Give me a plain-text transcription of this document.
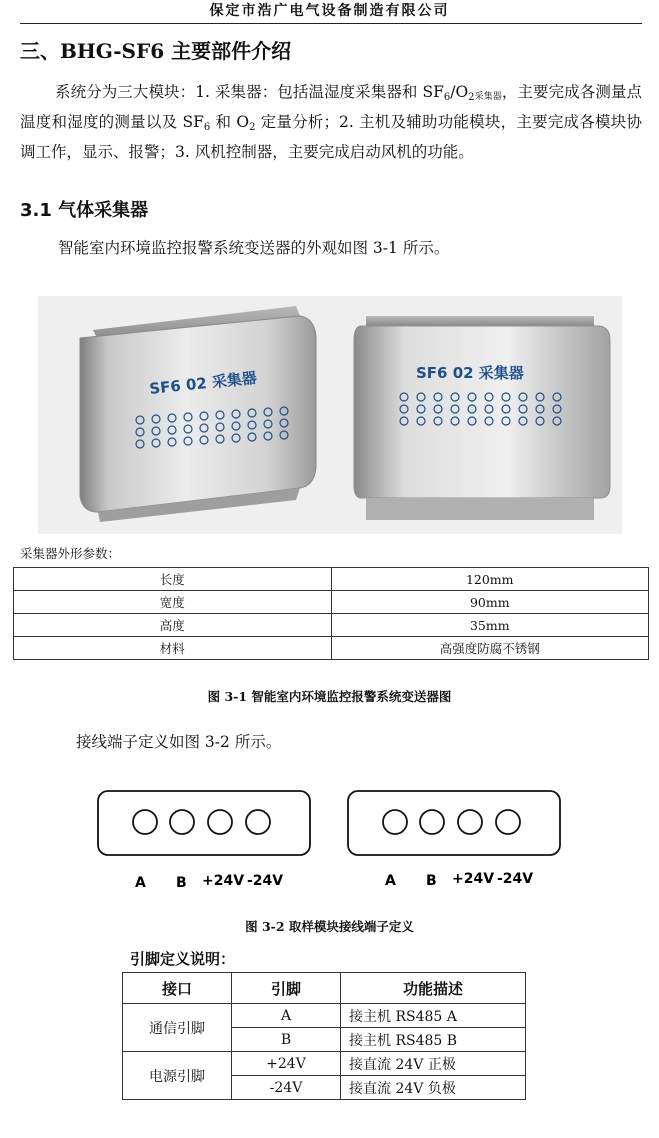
保定市浩广电气设备制造有限公司
三、BHG-SF6 主要部件介绍
系统分为三大模块：1. 采集器：包括温湿度采集器和 $SF_6/O_2$采集器，主要完成各测量点温度和湿度的测量以及 $SF_6$ 和 $O_2$ 定量分析；2. 主机及辅助功能模块，主要完成各模块协调工作，显示、报警；3. 风机控制器，主要完成启动风机的功能。
3.1 气体采集器
智能室内环境监控报警系统变送器的外观如图 3-1 所示。
SF6 02 采集器	SF6 02 采集器
采集器外形参数：
长度	120mm
宽度	90mm
高度	35mm
材料	高强度防腐不锈钢
图 3-1 智能室内环境监控报警系统变送器图
接线端子定义如图 3-2 所示。
A B +24V -24V	A B +24V -24V
图 3-2 取样模块接线端子定义
引脚定义说明：
接口	引脚	功能描述
通信引脚	A	接主机 RS485 A
	B	接主机 RS485 B
电源引脚	+24V	接直流 24V 正极
	-24V	接直流 24V 负极
